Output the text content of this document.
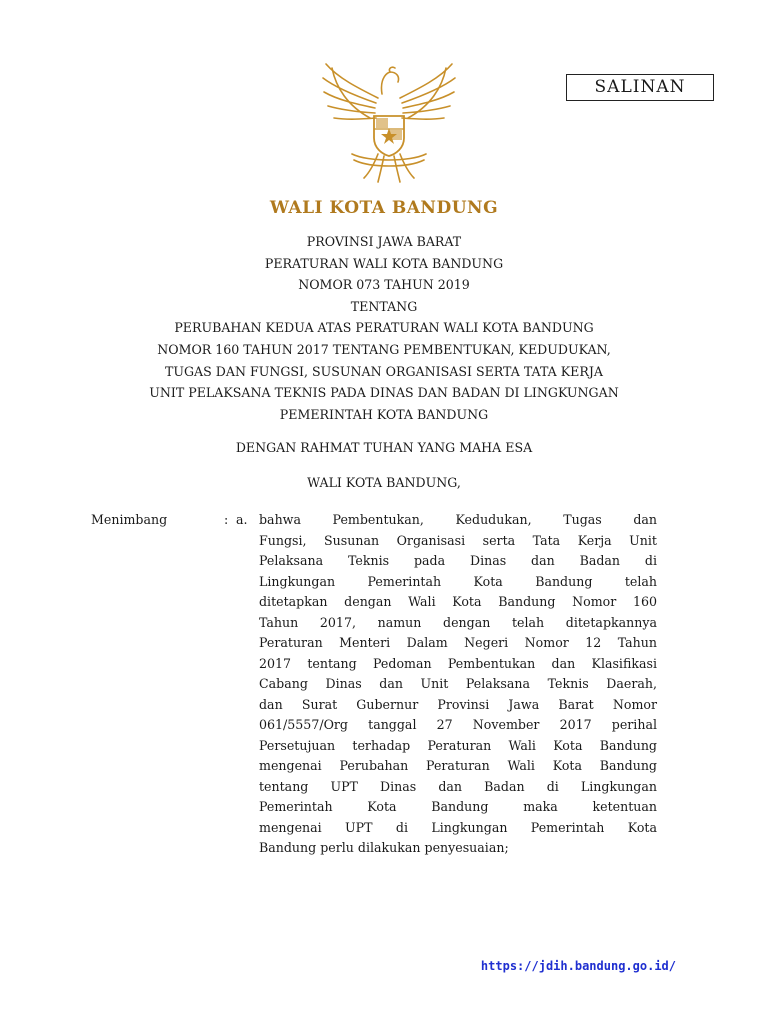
SALINAN
WALI KOTA BANDUNG
PROVINSI JAWA BARAT
PERATURAN WALI KOTA BANDUNG
NOMOR 073 TAHUN 2019
TENTANG
PERUBAHAN KEDUA ATAS PERATURAN WALI KOTA BANDUNG
NOMOR 160 TAHUN 2017 TENTANG PEMBENTUKAN, KEDUDUKAN,
TUGAS DAN FUNGSI, SUSUNAN ORGANISASI SERTA TATA KERJA
UNIT PELAKSANA TEKNIS PADA DINAS DAN BADAN DI LINGKUNGAN
PEMERINTAH KOTA BANDUNG
DENGAN RAHMAT TUHAN YANG MAHA ESA
WALI KOTA BANDUNG,
Menimbang	: a. bahwa Pembentukan, Kedudukan, Tugas dan
Fungsi, Susunan Organisasi serta Tata Kerja Unit
Pelaksana Teknis pada Dinas dan Badan di
Lingkungan Pemerintah Kota Bandung telah
ditetapkan dengan Wali Kota Bandung Nomor 160
Tahun 2017, namun dengan telah ditetapkannya
Peraturan Menteri Dalam Negeri Nomor 12 Tahun
2017 tentang Pedoman Pembentukan dan Klasifikasi
Cabang Dinas dan Unit Pelaksana Teknis Daerah,
dan Surat Gubernur Provinsi Jawa Barat Nomor
061/5557/Org tanggal 27 November 2017 perihal
Persetujuan terhadap Peraturan Wali Kota Bandung
mengenai Perubahan Peraturan Wali Kota Bandung
tentang UPT Dinas dan Badan di Lingkungan
Pemerintah Kota Bandung maka ketentuan
mengenai UPT di Lingkungan Pemerintah Kota
Bandung perlu dilakukan penyesuaian;
https://jdih.bandung.go.id/
